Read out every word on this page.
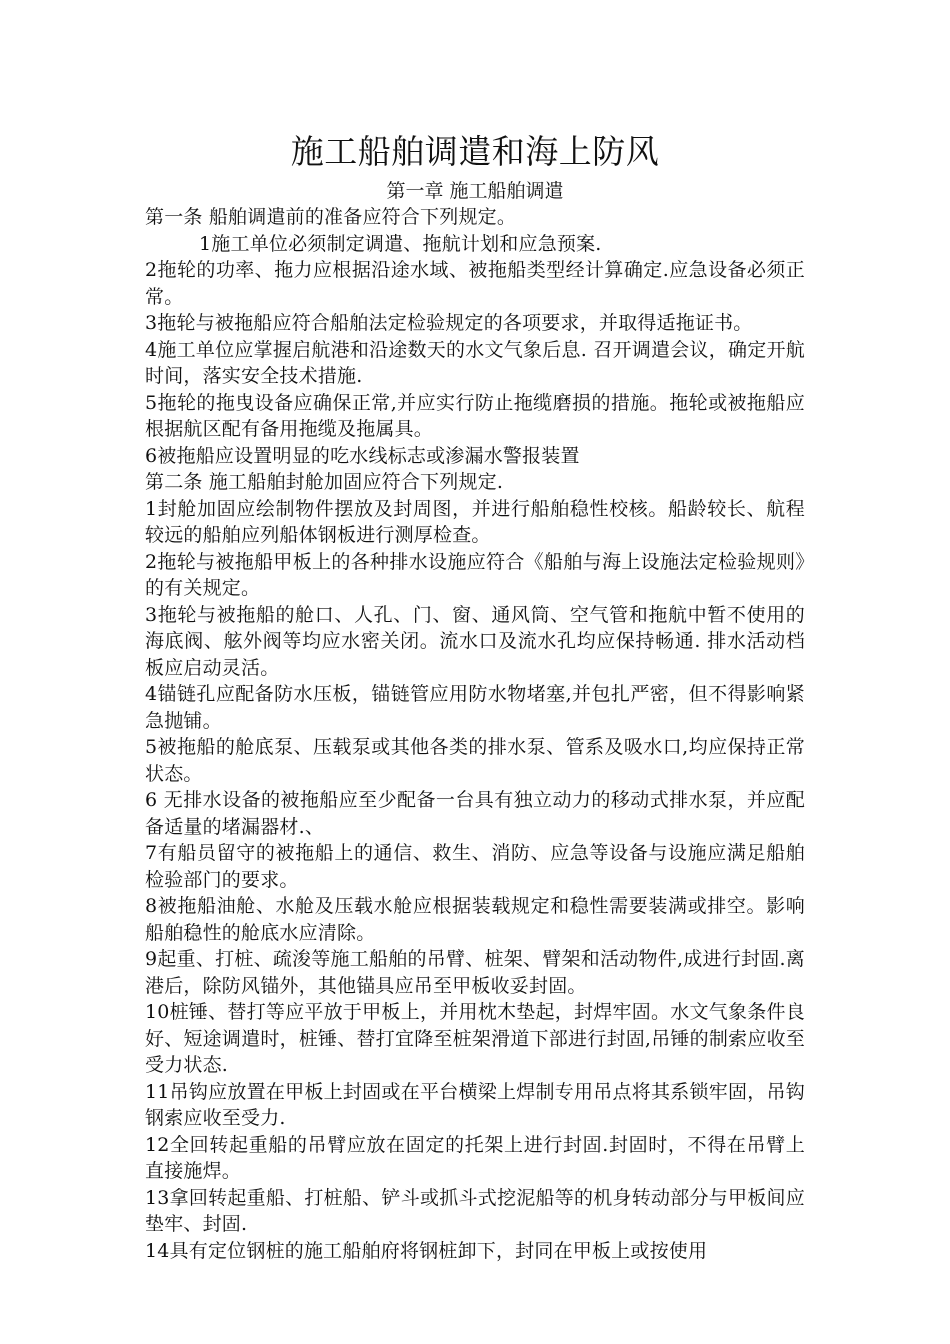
施工船舶调遣和海上防风
第一章 施工船舶调遣

第一条 船舶调遣前的准备应符合下列规定。

1施工单位必须制定调遣、拖航计划和应急预案.

2拖轮的功率、拖力应根据沿途水域、被拖船类型经计算确定.应急设备必须正常。

3拖轮与被拖船应符合船舶法定检验规定的各项要求，并取得适拖证书。

4施工单位应掌握启航港和沿途数天的水文气象后息. 召开调遣会议，确定开航时间，落实安全技术措施.

5拖轮的拖曳设备应确保正常,并应实行防止拖缆磨损的措施。拖轮或被拖船应根据航区配有备用拖缆及拖属具。

6被拖船应设置明显的吃水线标志或渗漏水警报装置

第二条 施工船舶封舱加固应符合下列规定.

1封舱加固应绘制物件摆放及封周图，并进行船舶稳性校核。船龄较长、航程较远的船舶应列船体钢板进行测厚检查。

2拖轮与被拖船甲板上的各种排水设施应符合《船舶与海上设施法定检验规则》的有关规定。

3拖轮与被拖船的舱口、人孔、门、窗、通风筒、空气管和拖航中暂不使用的海底阀、舷外阀等均应水密关闭。流水口及流水孔均应保持畅通. 排水活动档板应启动灵活。

4锚链孔应配备防水压板，锚链管应用防水物堵塞,并包扎严密，但不得影响紧急抛铺。

5被拖船的舱底泵、压载泵或其他各类的排水泵、管系及吸水口,均应保持正常状态。

6 无排水设备的被拖船应至少配备一台具有独立动力的移动式排水泵，并应配备适量的堵漏器材.、

7有船员留守的被拖船上的通信、救生、消防、应急等设备与设施应满足船舶检验部门的要求。

8被拖船油舱、水舱及压载水舱应根据装载规定和稳性需要装满或排空。影响船舶稳性的舱底水应清除。

9起重、打桩、疏浚等施工船舶的吊臂、桩架、臂架和活动物件,成进行封固.离港后，除防风锚外，其他锚具应吊至甲板收妥封固。

10桩锤、替打等应平放于甲板上，并用枕木垫起，封焊牢固。水文气象条件良好、短途调遣时，桩锤、替打宜降至桩架滑道下部进行封固,吊锤的制索应收至受力状态.

11吊钩应放置在甲板上封固或在平台横梁上焊制专用吊点将其系锁牢固，吊钩钢索应收至受力.

12全回转起重船的吊臂应放在固定的托架上进行封固.封固时，不得在吊臂上直接施焊。

13拿回转起重船、打桩船、铲斗或抓斗式挖泥船等的机身转动部分与甲板间应垫牢、封固.

14具有定位钢桩的施工船舶府将钢桩卸下，封同在甲板上或按使用
